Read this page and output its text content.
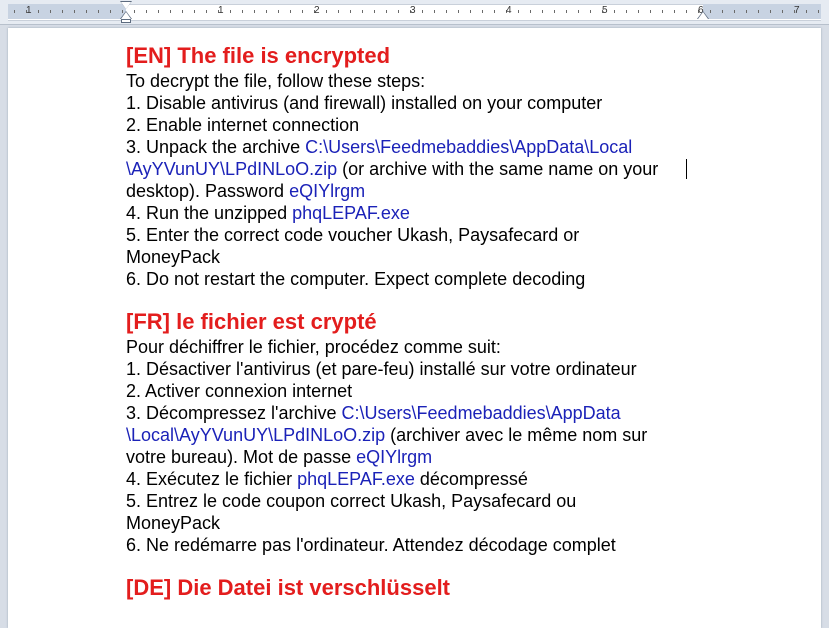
1	1	2	3	4	5	6	7

[EN] The file is encrypted

To decrypt the file, follow these steps:

1. Disable antivirus (and firewall) installed on your computer

2. Enable internet connection

3. Unpack the archive C:\Users\Feedmebaddies\AppData\Local

\AyYVunUY\LPdINLoO.zip (or archive with the same name on your

desktop). Password eQIYlrgm

4. Run the unzipped phqLEPAF.exe

5. Enter the correct code voucher Ukash, Paysafecard or

MoneyPack

6. Do not restart the computer. Expect complete decoding

[FR] le fichier est crypté

Pour déchiffrer le fichier, procédez comme suit:

1. Désactiver l'antivirus (et pare-feu) installé sur votre ordinateur

2. Activer connexion internet

3. Décompressez l'archive C:\Users\Feedmebaddies\AppData

\Local\AyYVunUY\LPdINLoO.zip (archiver avec le même nom sur

votre bureau). Mot de passe eQIYlrgm

4. Exécutez le fichier phqLEPAF.exe décompressé

5. Entrez le code coupon correct Ukash, Paysafecard ou

MoneyPack

6. Ne redémarre pas l'ordinateur. Attendez décodage complet

[DE] Die Datei ist verschlüsselt
